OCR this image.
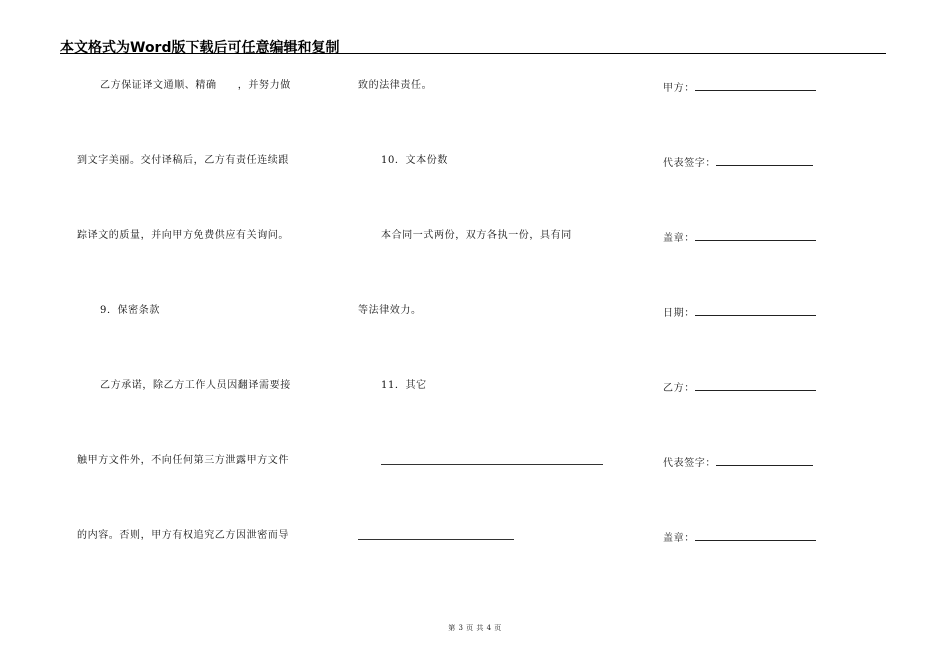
本文格式为Word版下载后可任意编辑和复制
乙方保证译文通顺、精确　　，并努力做
到文字美丽。交付译稿后，乙方有责任连续跟
踪译文的质量，并向甲方免费供应有关询问。
9．保密条款
乙方承诺，除乙方工作人员因翻译需要接
触甲方文件外，不向任何第三方泄露甲方文件
的内容。否则，甲方有权追究乙方因泄密而导
致的法律责任。
10．文本份数
本合同一式两份，双方各执一份，具有同
等法律效力。
11．其它
甲方：
代表签字：
盖章：
日期：
乙方：
代表签字：
盖章：
第 3 页 共 4 页
